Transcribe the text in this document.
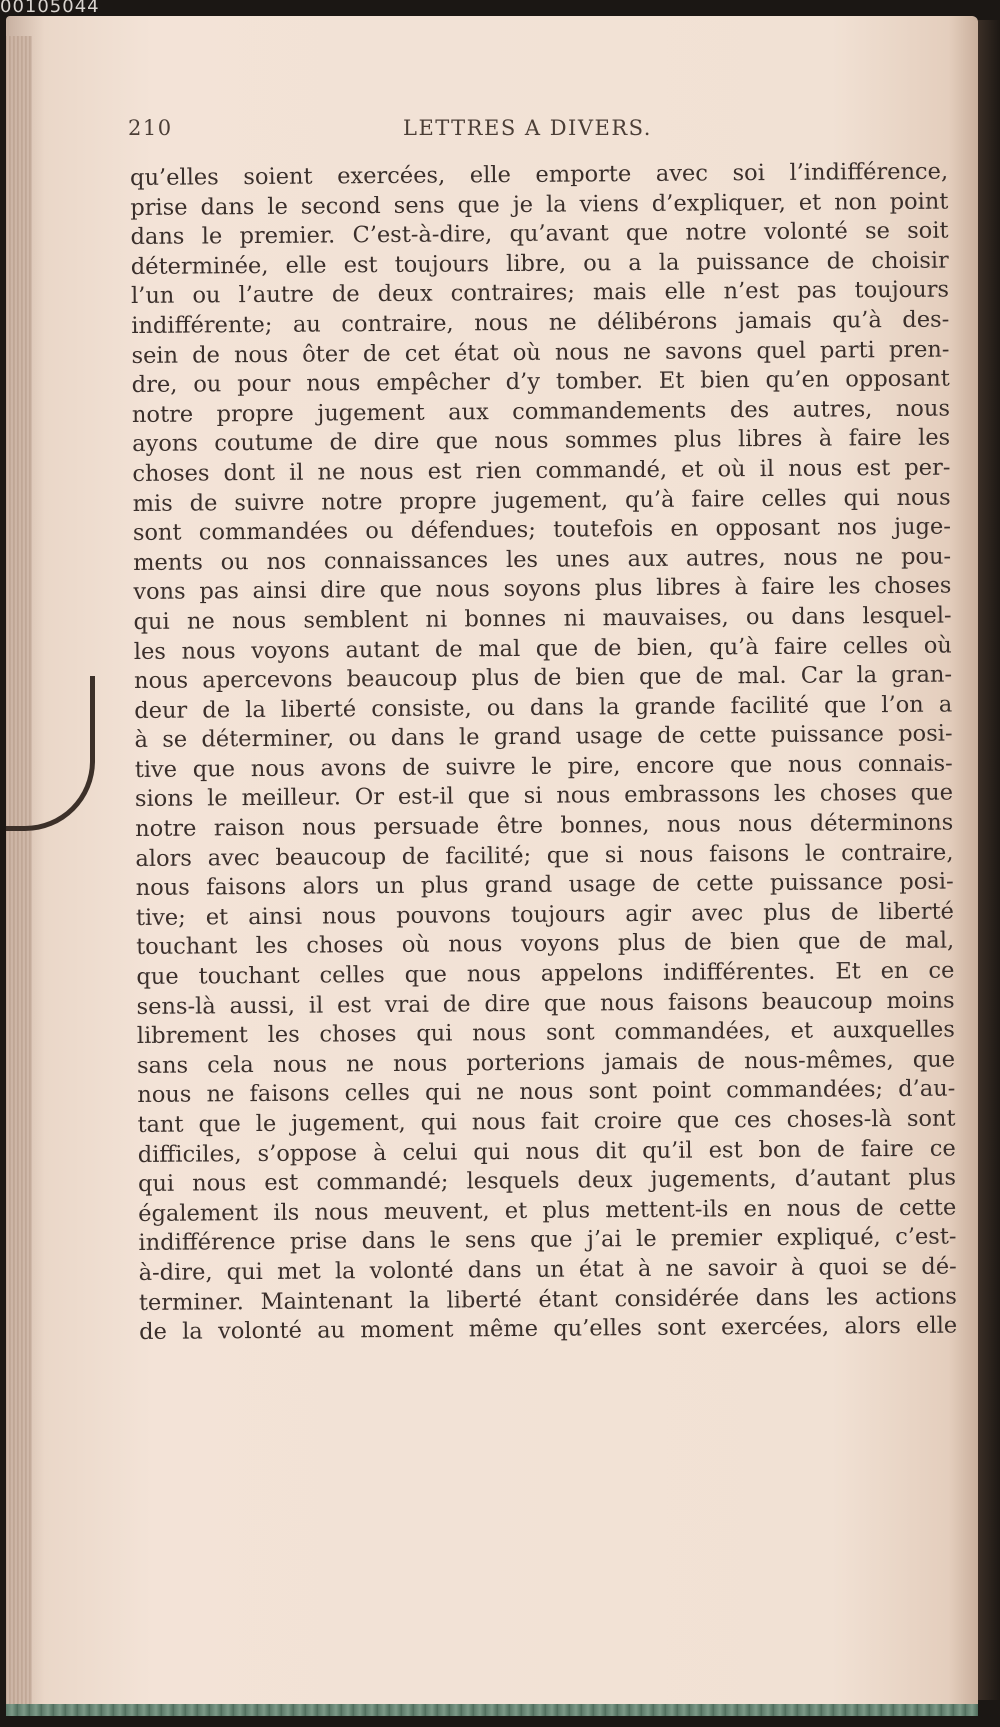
00105044
210	LETTRES A DIVERS.
qu’elles soient exercées, elle emporte avec soi l’indifférence,
prise dans le second sens que je la viens d’expliquer, et non point
dans le premier. C’est-à-dire, qu’avant que notre volonté se soit
déterminée, elle est toujours libre, ou a la puissance de choisir
l’un ou l’autre de deux contraires; mais elle n’est pas toujours
indifférente; au contraire, nous ne délibérons jamais qu’à des-
sein de nous ôter de cet état où nous ne savons quel parti pren-
dre, ou pour nous empêcher d’y tomber. Et bien qu’en opposant
notre propre jugement aux commandements des autres, nous
ayons coutume de dire que nous sommes plus libres à faire les
choses dont il ne nous est rien commandé, et où il nous est per-
mis de suivre notre propre jugement, qu’à faire celles qui nous
sont commandées ou défendues; toutefois en opposant nos juge-
ments ou nos connaissances les unes aux autres, nous ne pou-
vons pas ainsi dire que nous soyons plus libres à faire les choses
qui ne nous semblent ni bonnes ni mauvaises, ou dans lesquel-
les nous voyons autant de mal que de bien, qu’à faire celles où
nous apercevons beaucoup plus de bien que de mal. Car la gran-
deur de la liberté consiste, ou dans la grande facilité que l’on a
à se déterminer, ou dans le grand usage de cette puissance posi-
tive que nous avons de suivre le pire, encore que nous connais-
sions le meilleur. Or est-il que si nous embrassons les choses que
notre raison nous persuade être bonnes, nous nous déterminons
alors avec beaucoup de facilité; que si nous faisons le contraire,
nous faisons alors un plus grand usage de cette puissance posi-
tive; et ainsi nous pouvons toujours agir avec plus de liberté
touchant les choses où nous voyons plus de bien que de mal,
que touchant celles que nous appelons indifférentes. Et en ce
sens-là aussi, il est vrai de dire que nous faisons beaucoup moins
librement les choses qui nous sont commandées, et auxquelles
sans cela nous ne nous porterions jamais de nous-mêmes, que
nous ne faisons celles qui ne nous sont point commandées; d’au-
tant que le jugement, qui nous fait croire que ces choses-là sont
difficiles, s’oppose à celui qui nous dit qu’il est bon de faire ce
qui nous est commandé; lesquels deux jugements, d’autant plus
également ils nous meuvent, et plus mettent-ils en nous de cette
indifférence prise dans le sens que j’ai le premier expliqué, c’est-
à-dire, qui met la volonté dans un état à ne savoir à quoi se dé-
terminer. Maintenant la liberté étant considérée dans les actions
de la volonté au moment même qu’elles sont exercées, alors elle
